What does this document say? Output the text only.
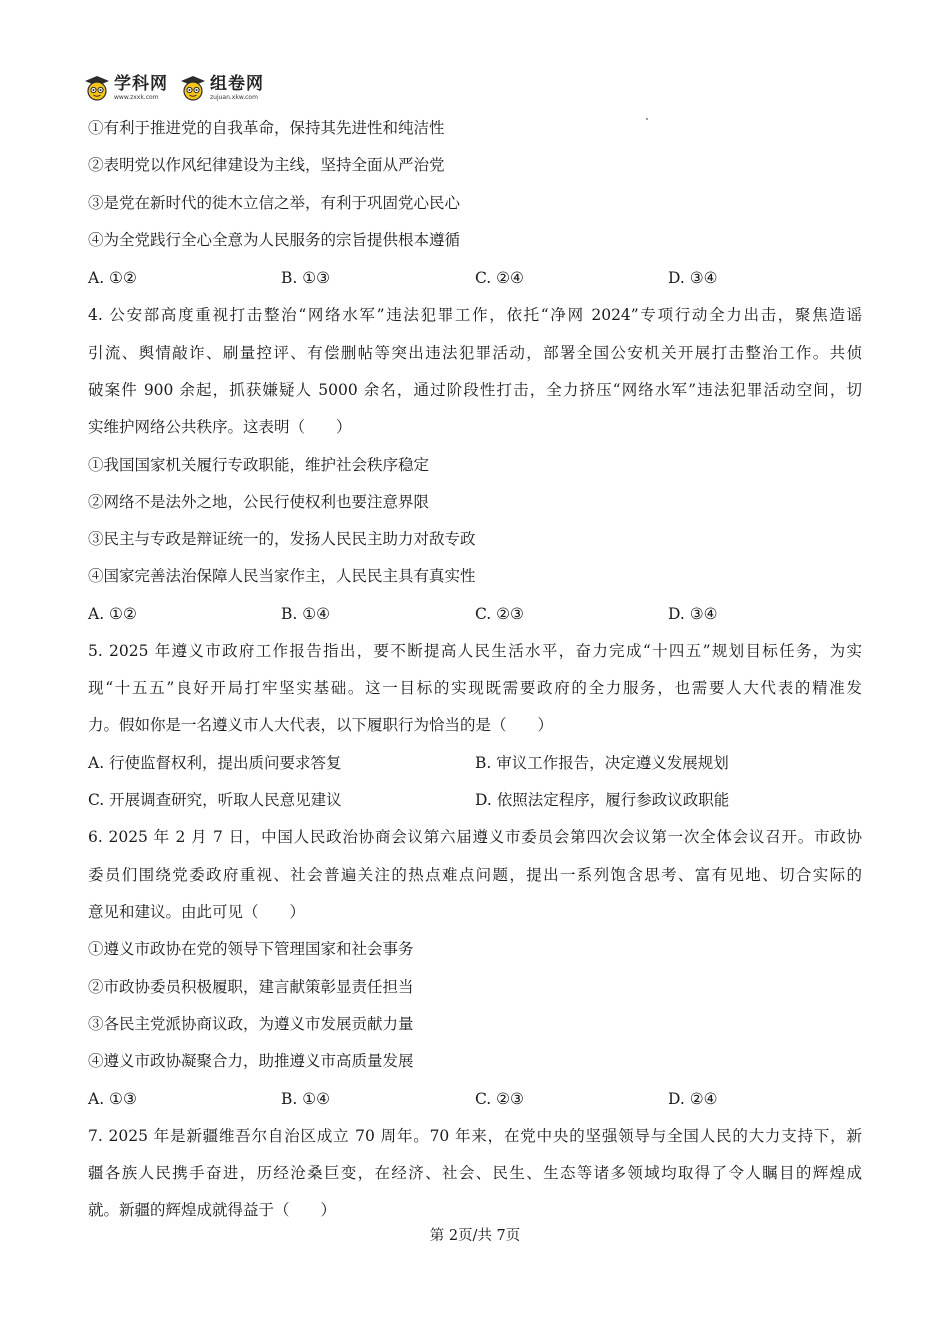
学科网
www.zxxk.com
组卷网
zujuan.xkw.com
①有利于推进党的自我革命，保持其先进性和纯洁性
②表明党以作风纪律建设为主线，坚持全面从严治党
③是党在新时代的徙木立信之举，有利于巩固党心民心
④为全党践行全心全意为人民服务的宗旨提供根本遵循
A. ①②	B. ①③	C. ②④	D. ③④
4. 公安部高度重视打击整治“网络水军”违法犯罪工作，依托“净网 2024”专项行动全力出击，聚焦造谣
引流、舆情敲诈、刷量控评、有偿删帖等突出违法犯罪活动，部署全国公安机关开展打击整治工作。共侦
破案件 900 余起，抓获嫌疑人 5000 余名，通过阶段性打击，全力挤压“网络水军”违法犯罪活动空间，切
实维护网络公共秩序。这表明（　　）
①我国国家机关履行专政职能，维护社会秩序稳定
②网络不是法外之地，公民行使权利也要注意界限
③民主与专政是辩证统一的，发扬人民民主助力对敌专政
④国家完善法治保障人民当家作主，人民民主具有真实性
A. ①②	B. ①④	C. ②③	D. ③④
5. 2025 年遵义市政府工作报告指出，要不断提高人民生活水平，奋力完成“十四五”规划目标任务，为实
现“十五五”良好开局打牢坚实基础。这一目标的实现既需要政府的全力服务，也需要人大代表的精准发
力。假如你是一名遵义市人大代表，以下履职行为恰当的是（　　）
A. 行使监督权利，提出质问要求答复	B. 审议工作报告，决定遵义发展规划
C. 开展调查研究，听取人民意见建议	D. 依照法定程序，履行参政议政职能
6. 2025 年 2 月 7 日，中国人民政治协商会议第六届遵义市委员会第四次会议第一次全体会议召开。市政协
委员们围绕党委政府重视、社会普遍关注的热点难点问题，提出一系列饱含思考、富有见地、切合实际的
意见和建议。由此可见（　　）
①遵义市政协在党的领导下管理国家和社会事务
②市政协委员积极履职，建言献策彰显责任担当
③各民主党派协商议政，为遵义市发展贡献力量
④遵义市政协凝聚合力，助推遵义市高质量发展
A. ①③	B. ①④	C. ②③	D. ②④
7. 2025 年是新疆维吾尔自治区成立 70 周年。70 年来，在党中央的坚强领导与全国人民的大力支持下，新
疆各族人民携手奋进，历经沧桑巨变，在经济、社会、民生、生态等诸多领域均取得了令人瞩目的辉煌成
就。新疆的辉煌成就得益于（　　）
第 2页/共 7页
